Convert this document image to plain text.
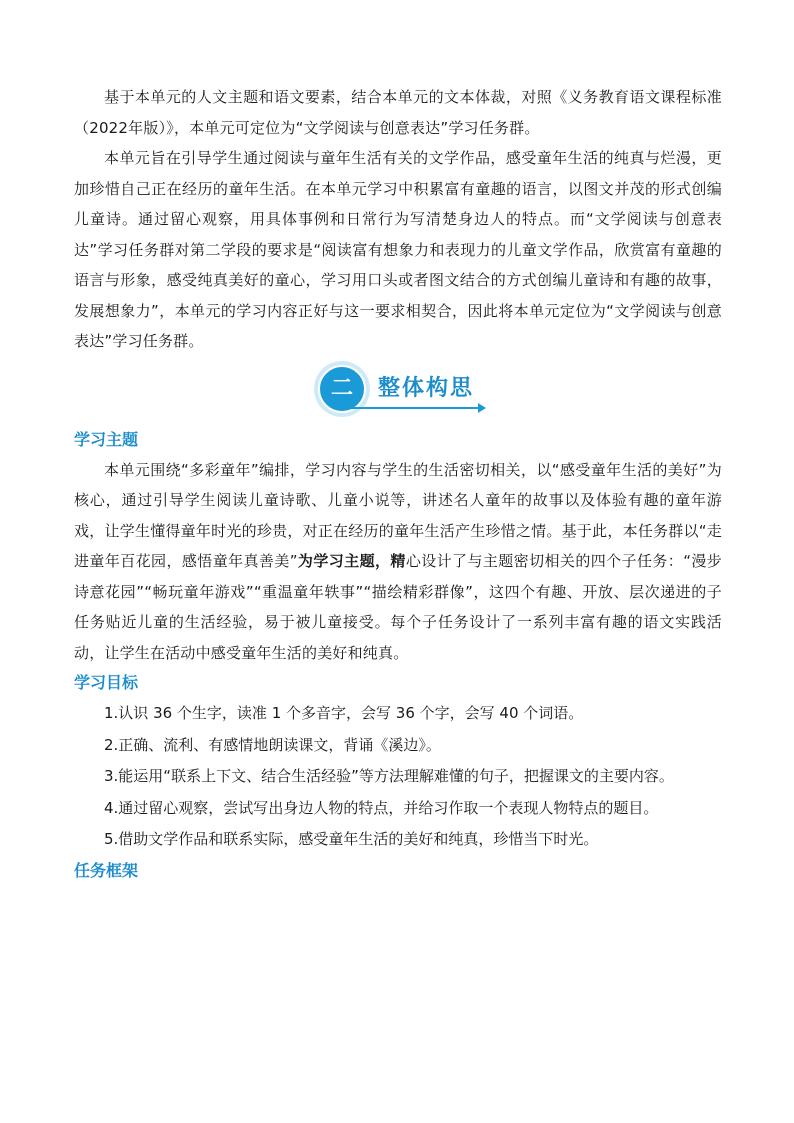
基于本单元的人文主题和语文要素，结合本单元的文本体裁，对照《义务教育语文课程标准（2022年版）》，本单元可定位为“文学阅读与创意表达”学习任务群。

本单元旨在引导学生通过阅读与童年生活有关的文学作品，感受童年生活的纯真与烂漫，更加珍惜自己正在经历的童年生活。在本单元学习中积累富有童趣的语言，以图文并茂的形式创编儿童诗。通过留心观察，用具体事例和日常行为写清楚身边人的特点。而“文学阅读与创意表达”学习任务群对第二学段的要求是“阅读富有想象力和表现力的儿童文学作品，欣赏富有童趣的语言与形象，感受纯真美好的童心，学习用口头或者图文结合的方式创编儿童诗和有趣的故事，发展想象力”，本单元的学习内容正好与这一要求相契合，因此将本单元定位为“文学阅读与创意表达”学习任务群。

二	整体构思
学习主题

本单元围绕“多彩童年”编排，学习内容与学生的生活密切相关，以“感受童年生活的美好”为核心，通过引导学生阅读儿童诗歌、儿童小说等，讲述名人童年的故事以及体验有趣的童年游戏，让学生懂得童年时光的珍贵，对正在经历的童年生活产生珍惜之情。基于此，本任务群以“走进童年百花园，感悟童年真善美”为学习主题，精心设计了与主题密切相关的四个子任务：“漫步诗意花园”“畅玩童年游戏”“重温童年轶事”“描绘精彩群像”，这四个有趣、开放、层次递进的子任务贴近儿童的生活经验，易于被儿童接受。每个子任务设计了一系列丰富有趣的语文实践活动，让学生在活动中感受童年生活的美好和纯真。

学习目标

1.认识 36 个生字，读准 1 个多音字，会写 36 个字，会写 40 个词语。

2.正确、流利、有感情地朗读课文，背诵《溪边》。

3.能运用“联系上下文、结合生活经验”等方法理解难懂的句子，把握课文的主要内容。

4.通过留心观察，尝试写出身边人物的特点，并给习作取一个表现人物特点的题目。

5.借助文学作品和联系实际，感受童年生活的美好和纯真，珍惜当下时光。

任务框架
